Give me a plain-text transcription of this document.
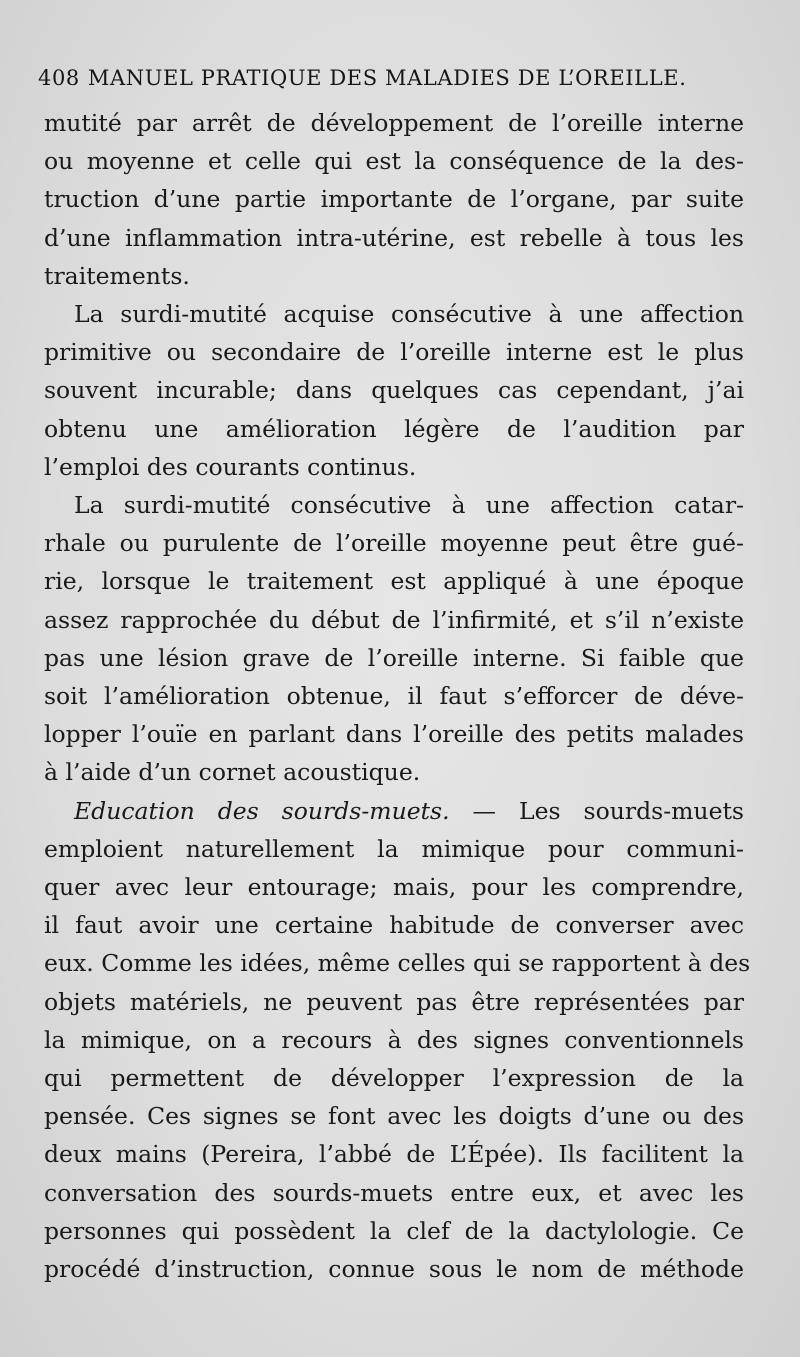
408 MANUEL PRATIQUE DES MALADIES DE L’OREILLE.
mutité par arrêt de développement de l’oreille interne
ou moyenne et celle qui est la conséquence de la des-
truction d’une partie importante de l’organe, par suite
d’une inflammation intra-utérine, est rebelle à tous les
traitements.
La surdi-mutité acquise consécutive à une affection
primitive ou secondaire de l’oreille interne est le plus
souvent incurable; dans quelques cas cependant, j’ai
obtenu une amélioration légère de l’audition par
l’emploi des courants continus.
La surdi-mutité consécutive à une affection catar-
rhale ou purulente de l’oreille moyenne peut être gué-
rie, lorsque le traitement est appliqué à une époque
assez rapprochée du début de l’infirmité, et s’il n’existe
pas une lésion grave de l’oreille interne. Si faible que
soit l’amélioration obtenue, il faut s’efforcer de déve-
lopper l’ouïe en parlant dans l’oreille des petits malades
à l’aide d’un cornet acoustique.
Education des sourds-muets. — Les sourds-muets
emploient naturellement la mimique pour communi-
quer avec leur entourage; mais, pour les comprendre,
il faut avoir une certaine habitude de converser avec
eux. Comme les idées, même celles qui se rapportent à des
objets matériels, ne peuvent pas être représentées par
la mimique, on a recours à des signes conventionnels
qui permettent de développer l’expression de la
pensée. Ces signes se font avec les doigts d’une ou des
deux mains (Pereira, l’abbé de L’Épée). Ils facilitent la
conversation des sourds-muets entre eux, et avec les
personnes qui possèdent la clef de la dactylologie. Ce
procédé d’instruction, connue sous le nom de méthode
